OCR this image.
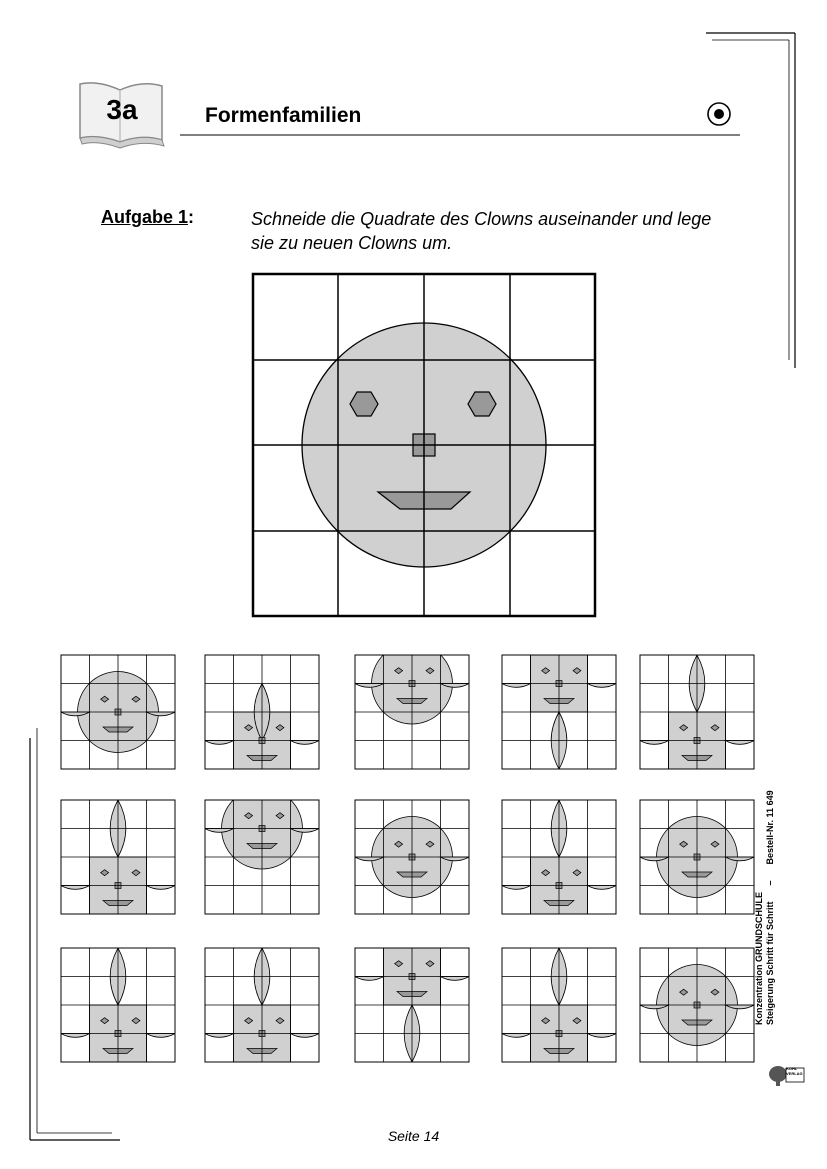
3a	Formenfamilien
Aufgabe 1:	Schneide die Quadrate des Clowns auseinander und lege sie zu neuen Clowns um.
Konzentration GRUNDSCHULE Steigerung Schritt für Schritt
–
Bestell-Nr. 11 649
KOHL VERLAG
Seite 14
